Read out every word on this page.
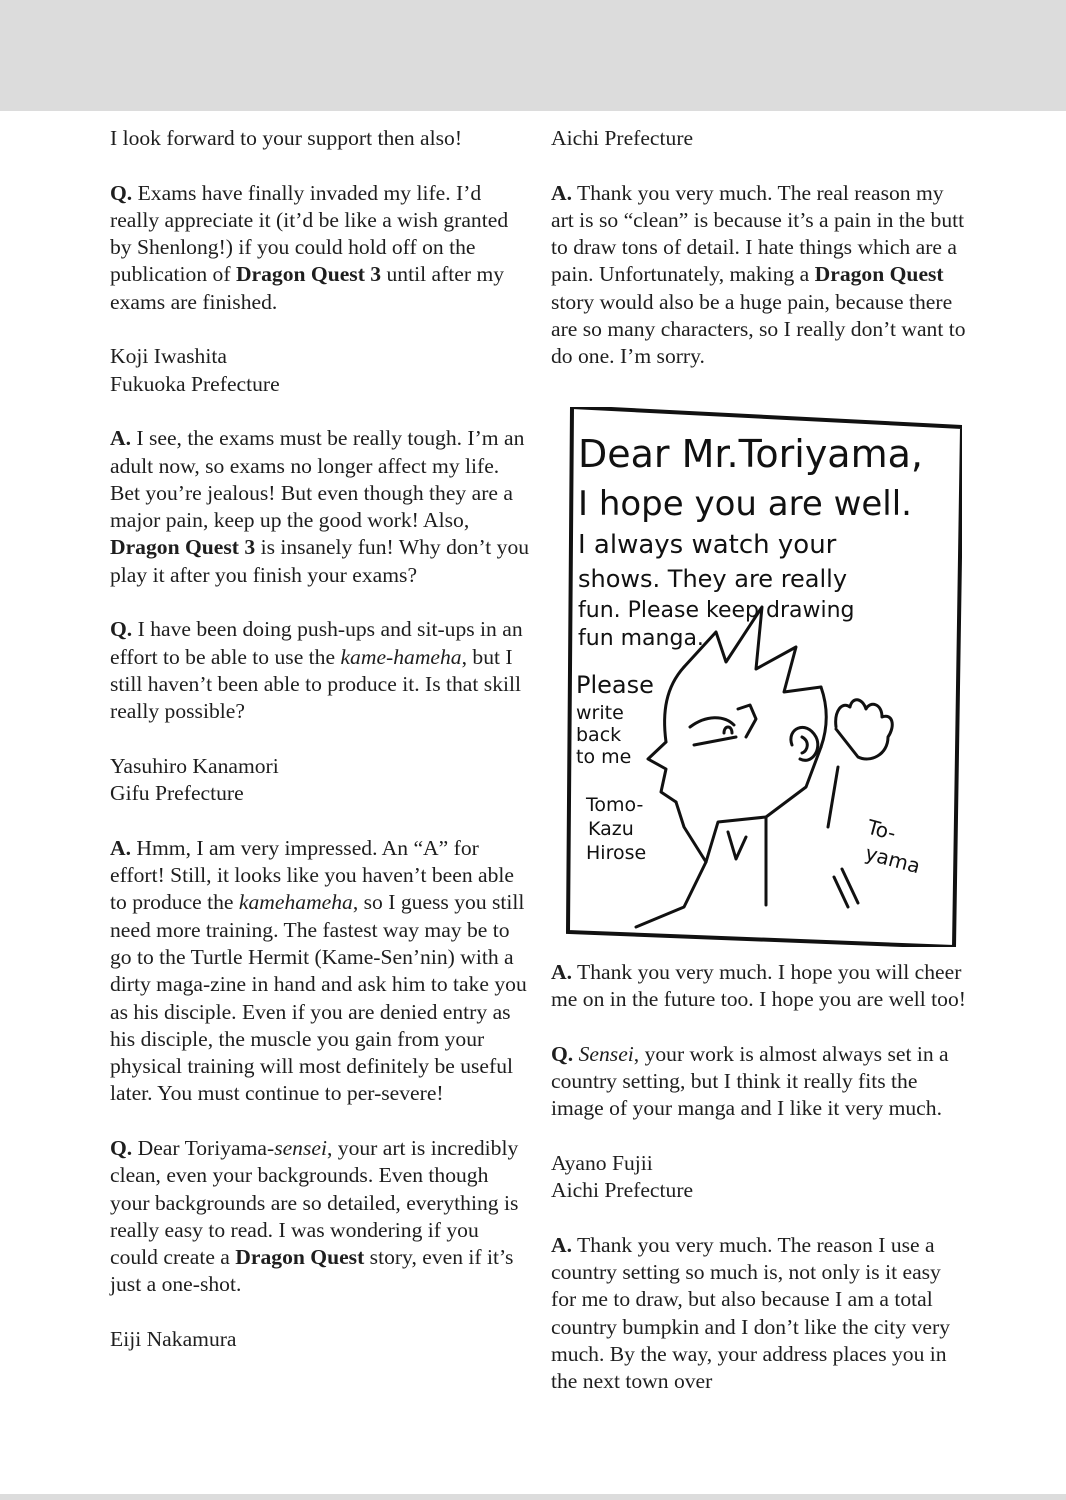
I look forward to your support then also!

Q. Exams have finally invaded my life. I’d really appreciate it (it’d be like a wish granted by Shenlong!) if you could hold off on the publication of Dragon Quest 3 until after my exams are finished.

Koji Iwashita

Fukuoka Prefecture

A. I see, the exams must be really tough. I’m an adult now, so exams no longer affect my life. Bet you’re jealous! But even though they are a major pain, keep up the good work! Also, Dragon Quest 3 is insanely fun! Why don’t you play it after you finish your exams?

Q. I have been doing push-ups and sit-ups in an effort to be able to use the kame-hameha, but I still haven’t been able to produce it. Is that skill really possible?

Yasuhiro Kanamori

Gifu Prefecture

A. Hmm, I am very impressed. An “A” for effort! Still, it looks like you haven’t been able to produce the kamehameha, so I guess you still need more training. The fastest way may be to go to the Turtle Hermit (Kame-Sen’nin) with a dirty maga-zine in hand and ask him to take you as his disciple. Even if you are denied entry as his disciple, the muscle you gain from your physical training will most definitely be useful later. You must continue to per-severe!

Q. Dear Toriyama-sensei, your art is incredibly clean, even your backgrounds. Even though your backgrounds are so detailed, everything is really easy to read. I was wondering if you could create a Dragon Quest story, even if it’s just a one-shot.

Eiji Nakamura

Aichi Prefecture

A. Thank you very much. The real reason my art is so “clean” is because it’s a pain in the butt to draw tons of detail. I hate things which are a pain. Unfortunately, making a Dragon Quest story would also be a huge pain, because there are so many characters, so I really don’t want to do one. I’m sorry.

Dear Mr.Toriyama,
I hope you are well.
I always watch your
shows. They are really
fun. Please keep drawing
fun manga.
Please
write
back
to me
Tomo-
Kazu
Hirose
To-
yama

A. Thank you very much. I hope you will cheer me on in the future too. I hope you are well too!

Q. Sensei, your work is almost always set in a country setting, but I think it really fits the image of your manga and I like it very much.

Ayano Fujii

Aichi Prefecture

A. Thank you very much. The reason I use a country setting so much is, not only is it easy for me to draw, but also because I am a total country bumpkin and I don’t like the city very much. By the way, your address places you in the next town over
